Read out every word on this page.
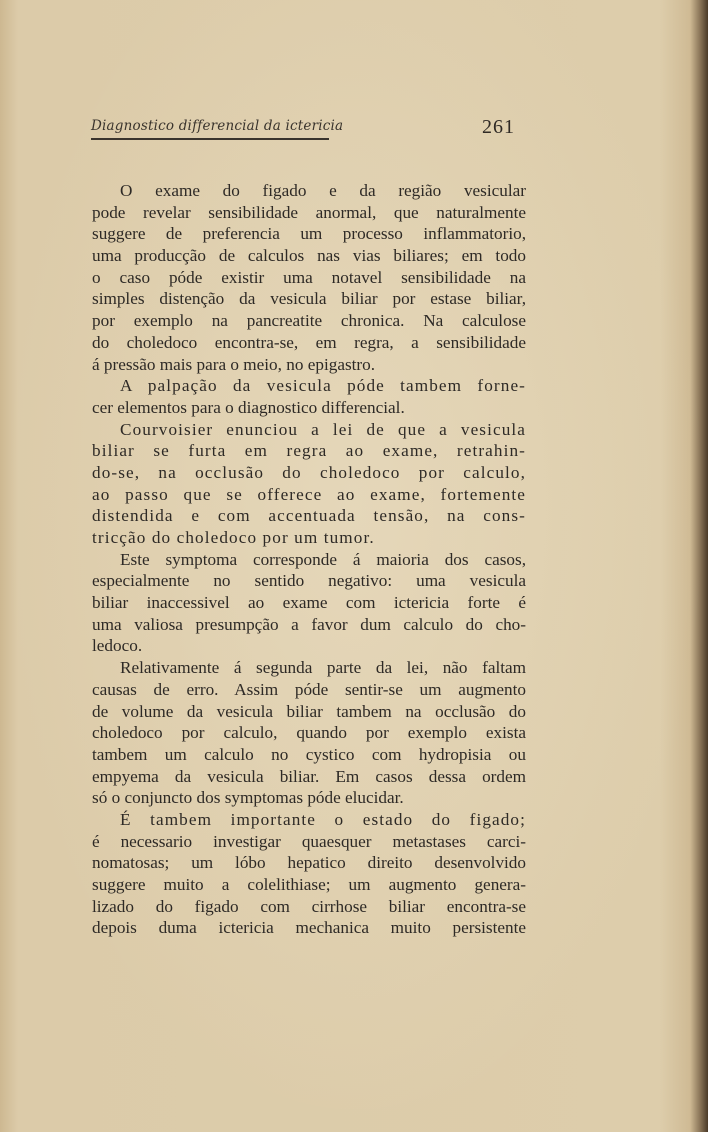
Diagnostico differencial da ictericia	261
O exame do figado e da região vesicular
pode revelar sensibilidade anormal, que naturalmente
suggere de preferencia um processo inflammatorio,
uma producção de calculos nas vias biliares; em todo
o caso póde existir uma notavel sensibilidade na
simples distenção da vesicula biliar por estase biliar,
por exemplo na pancreatite chronica. Na calculose
do choledoco encontra-se, em regra, a sensibilidade
á pressão mais para o meio, no epigastro.
A palpação da vesicula póde tambem forne-
cer elementos para o diagnostico differencial.
Courvoisier enunciou a lei de que a vesicula
biliar se furta em regra ao exame, retrahin-
do-se, na occlusão do choledoco por calculo,
ao passo que se offerece ao exame, fortemente
distendida e com accentuada tensão, na cons-
tricção do choledoco por um tumor.
Este symptoma corresponde á maioria dos casos,
especialmente no sentido negativo: uma vesicula
biliar inaccessivel ao exame com ictericia forte é
uma valiosa presumpção a favor dum calculo do cho-
ledoco.
Relativamente á segunda parte da lei, não faltam
causas de erro. Assim póde sentir-se um augmento
de volume da vesicula biliar tambem na occlusão do
choledoco por calculo, quando por exemplo exista
tambem um calculo no cystico com hydropisia ou
empyema da vesicula biliar. Em casos dessa ordem
só o conjuncto dos symptomas póde elucidar.
É tambem importante o estado do figado;
é necessario investigar quaesquer metastases carci-
nomatosas; um lóbo hepatico direito desenvolvido
suggere muito a colelithiase; um augmento genera-
lizado do figado com cirrhose biliar encontra-se
depois duma ictericia mechanica muito persistente
